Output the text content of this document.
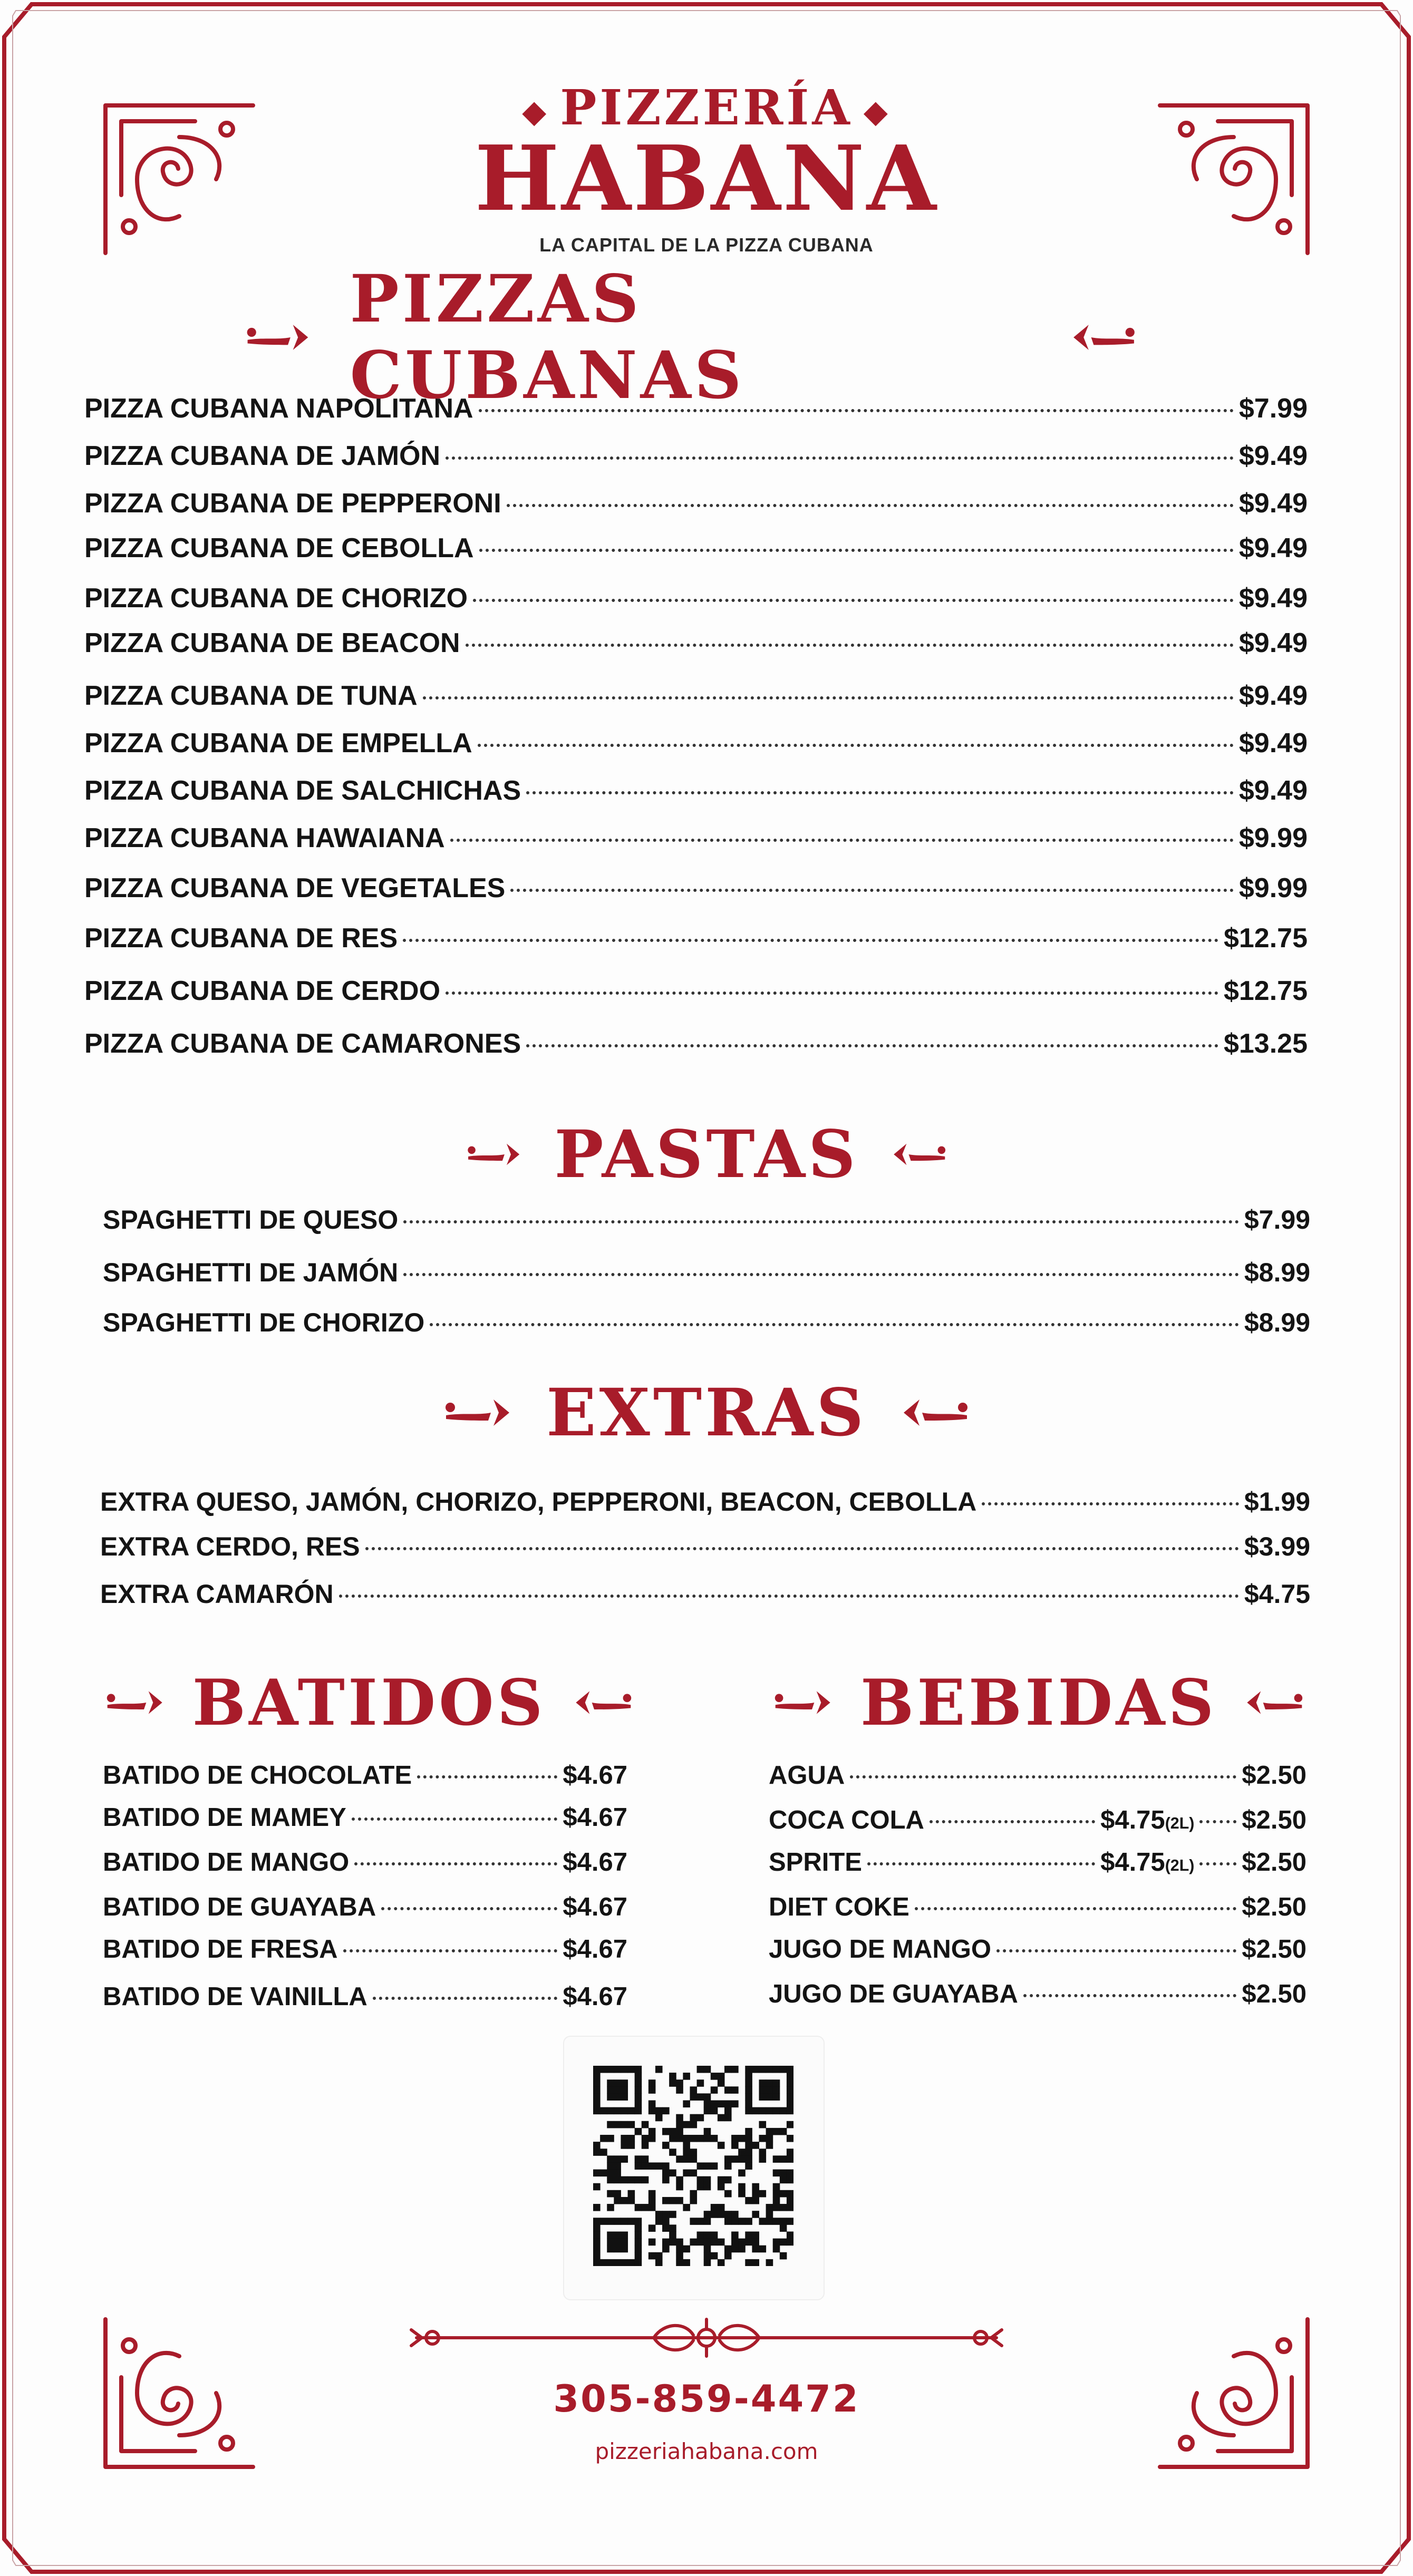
◆ PIZZERÍA ◆
HABANA
LA CAPITAL DE LA PIZZA CUBANA
PIZZAS CUBANAS
PIZZA CUBANA NAPOLITANA	$7.99
PIZZA CUBANA DE JAMÓN	$9.49
PIZZA CUBANA DE PEPPERONI	$9.49
PIZZA CUBANA DE CEBOLLA	$9.49
PIZZA CUBANA DE CHORIZO	$9.49
PIZZA CUBANA DE BEACON	$9.49
PIZZA CUBANA DE TUNA	$9.49
PIZZA CUBANA DE EMPELLA	$9.49
PIZZA CUBANA DE SALCHICHAS	$9.49
PIZZA CUBANA HAWAIANA	$9.99
PIZZA CUBANA DE VEGETALES	$9.99
PIZZA CUBANA DE RES	$12.75
PIZZA CUBANA DE CERDO	$12.75
PIZZA CUBANA DE CAMARONES	$13.25
PASTAS
SPAGHETTI DE QUESO	$7.99
SPAGHETTI DE JAMÓN	$8.99
SPAGHETTI DE CHORIZO	$8.99
EXTRAS
EXTRA QUESO, JAMÓN, CHORIZO, PEPPERONI, BEACON, CEBOLLA	$1.99
EXTRA CERDO, RES	$3.99
EXTRA CAMARÓN	$4.75
BATIDOS	BEBIDAS
BATIDO DE CHOCOLATE	$4.67
BATIDO DE MAMEY	$4.67
BATIDO DE MANGO	$4.67
BATIDO DE GUAYABA	$4.67
BATIDO DE FRESA	$4.67
BATIDO DE VAINILLA	$4.67
AGUA	$2.50
COCA COLA	$4.75(2L) $2.50
SPRITE	$4.75(2L) $2.50
DIET COKE	$2.50
JUGO DE MANGO	$2.50
JUGO DE GUAYABA	$2.50
305-859-4472
pizzeriahabana.com
